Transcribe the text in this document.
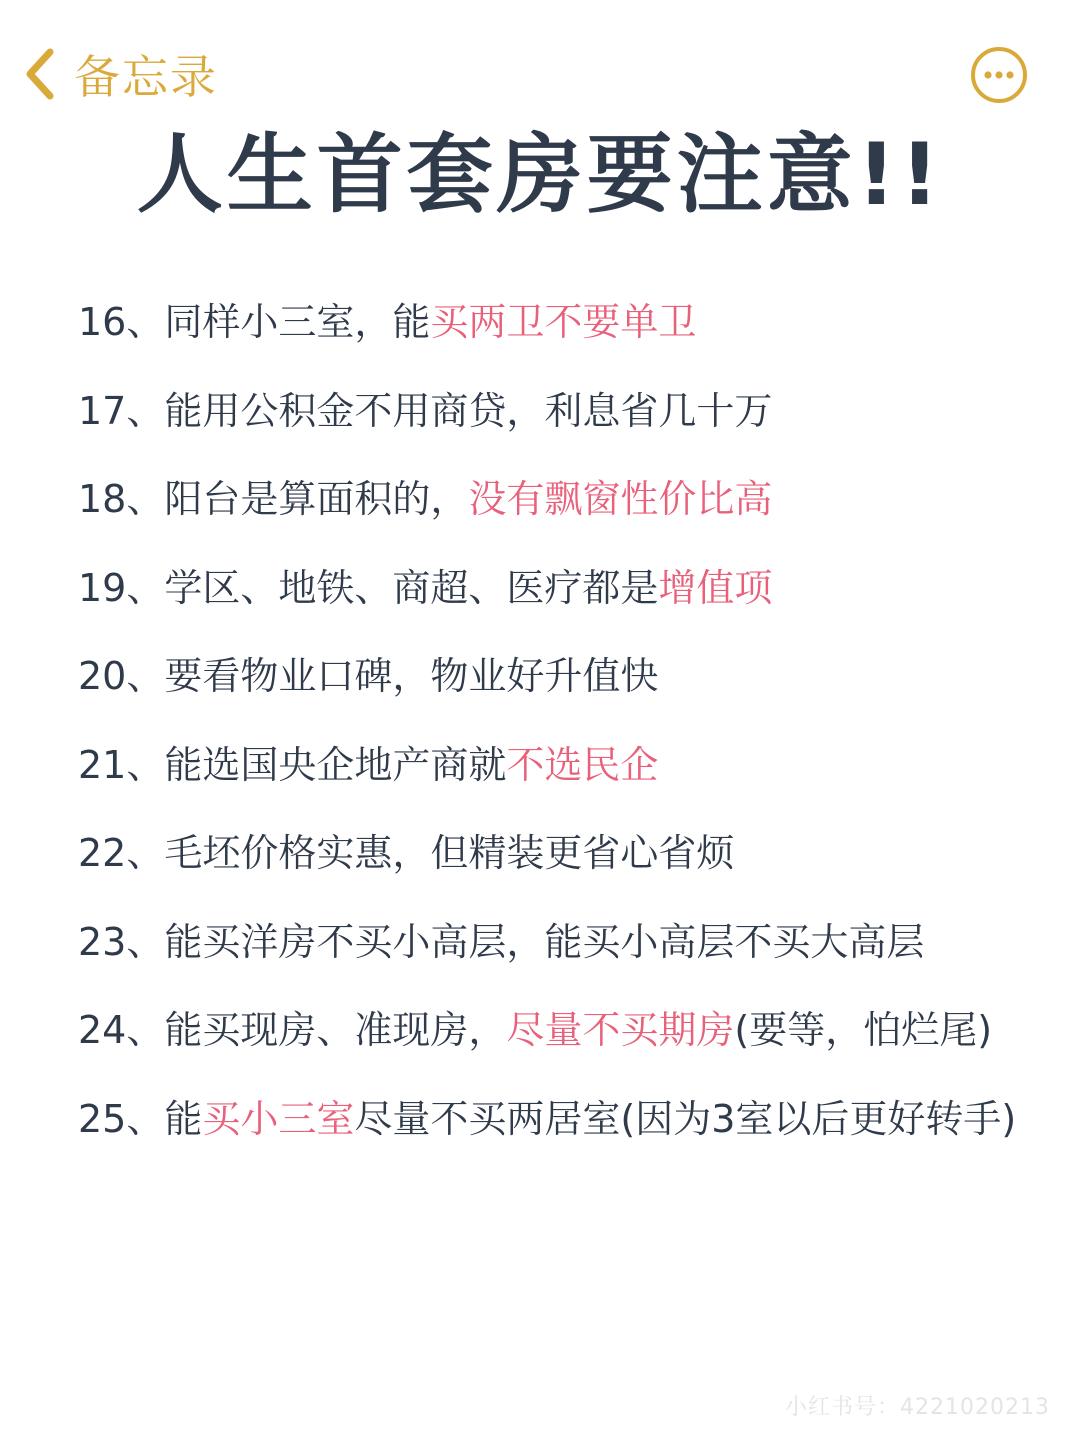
备忘录
人生首套房要注意!!
16、同样小三室，能买两卫不要单卫
17、能用公积金不用商贷，利息省几十万
18、阳台是算面积的，没有飘窗性价比高
19、学区、地铁、商超、医疗都是增值项
20、要看物业口碑，物业好升值快
21、能选国央企地产商就不选民企
22、毛坯价格实惠，但精装更省心省烦
23、能买洋房不买小高层，能买小高层不买大高层
24、能买现房、准现房，尽量不买期房(要等，怕烂尾)
25、能买小三室尽量不买两居室(因为3室以后更好转手)
小红书号：4221020213
